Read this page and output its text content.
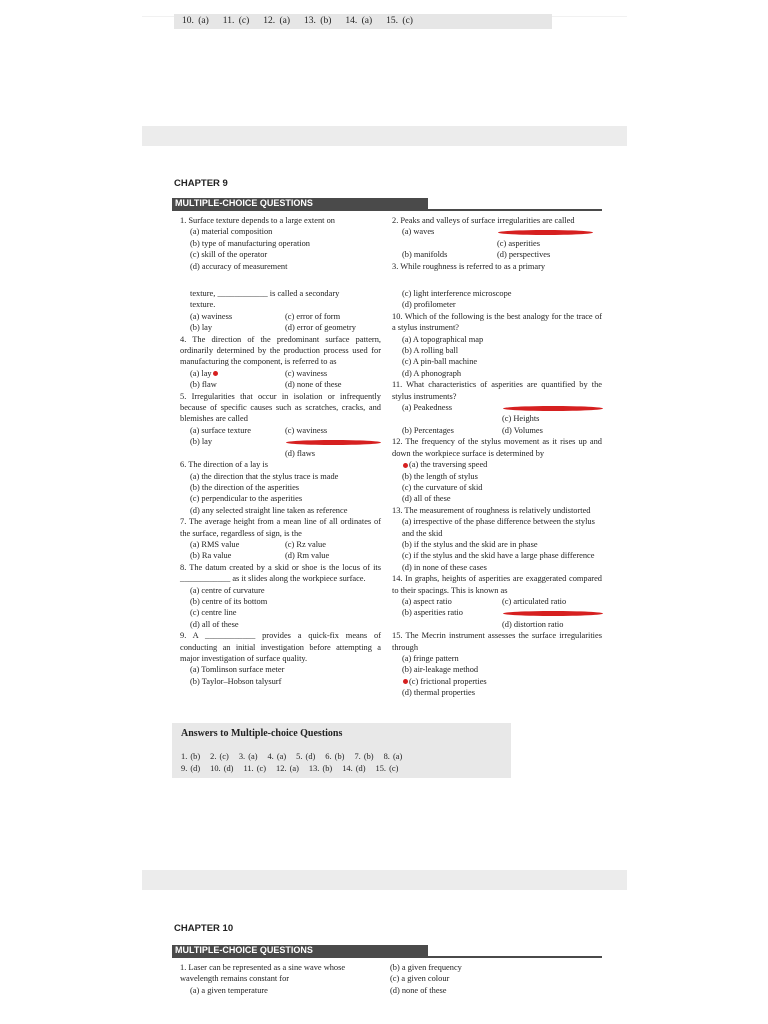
10. (a) 11. (c) 12. (a) 13. (b) 14. (a) 15. (c)
CHAPTER 9
MULTIPLE-CHOICE QUESTIONS

1. Surface texture depends to a large extent on

(a) material composition

(b) type of manufacturing operation

(c) skill of the operator

(d) accuracy of measurement

2. Peaks and valleys of surface irregularities are called

(a) waves
(c) asperities
(b) manifolds	(d) perspectives

3. While roughness is referred to as a primary

texture, ____________ is called a secondary

texture.

(a) waviness	(c) error of form
(b) lay	(d) error of geometry

4. The direction of the predominant surface pattern, ordinarily determined by the production process used for manufacturing the component, is referred to as

(a) lay	(c) waviness
(b) flaw	(d) none of these

5. Irregularities that occur in isolation or infrequently because of specific causes such as scratches, cracks, and blemishes are called

(a) surface texture	(c) waviness
(b) lay
(d) flaws

6. The direction of a lay is

(a) the direction that the stylus trace is made

(b) the direction of the asperities

(c) perpendicular to the asperities

(d) any selected straight line taken as reference

7. The average height from a mean line of all ordinates of the surface, regardless of sign, is the

(a) RMS value	(c) Rz value
(b) Ra value	(d) Rm value

8. The datum created by a skid or shoe is the locus of its ____________ as it slides along the workpiece surface.

(a) centre of curvature

(b) centre of its bottom

(c) centre line

(d) all of these

9. A ____________ provides a quick-fix means of conducting an initial investigation before attempting a major investigation of surface quality.

(a) Tomlinson surface meter

(b) Taylor–Hobson talysurf

(c) light interference microscope

(d) profilometer

10. Which of the following is the best analogy for the trace of a stylus instrument?

(a) A topographical map

(b) A rolling ball

(c) A pin-ball machine

(d) A phonograph

11. What characteristics of asperities are quantified by the stylus instruments?

(a) Peakedness
(c) Heights
(b) Percentages	(d) Volumes

12. The frequency of the stylus movement as it rises up and down the workpiece surface is determined by

(a) the traversing speed

(b) the length of stylus

(c) the curvature of skid

(d) all of these

13. The measurement of roughness is relatively undistorted

(a) irrespective of the phase difference between the stylus and the skid

(b) if the stylus and the skid are in phase

(c) if the stylus and the skid have a large phase difference

(d) in none of these cases

14. In graphs, heights of asperities are exaggerated compared to their spacings. This is known as

(a) aspect ratio	(c) articulated ratio
(b) asperities ratio
(d) distortion ratio

15. The Mecrin instrument assesses the surface irregularities through

(a) fringe pattern

(b) air-leakage method

(c) frictional properties

(d) thermal properties

Answers to Multiple-choice Questions
1. (b) 2. (c) 3. (a) 4. (a) 5. (d) 6. (b) 7. (b) 8. (a)
9. (d) 10. (d) 11. (c) 12. (a) 13. (b) 14. (d) 15. (c)
CHAPTER 10
MULTIPLE-CHOICE QUESTIONS

1. Laser can be represented as a sine wave whose wavelength remains constant for

(a) a given temperature

(b) a given frequency

(c) a given colour

(d) none of these
